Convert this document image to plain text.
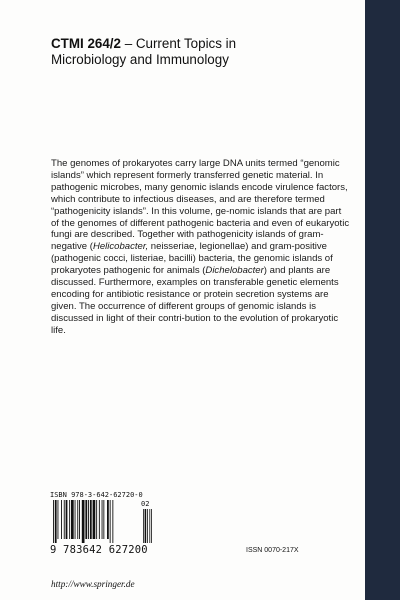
CTMI 264/2 – Current Topics in
Microbiology and Immunology

The genomes of prokaryotes carry large DNA units termed “genomic islands” which represent formerly transferred genetic material. In pathogenic microbes, many genomic islands encode virulence factors, which contribute to infectious diseases, and are therefore termed “pathogenicity islands”. In this volume, ge-nomic islands that are part of the genomes of different pathogenic bacteria and even of eukaryotic fungi are described. Together with pathogenicity islands of gram-negative (Helicobacter, neisseriae, legionellae) and gram-positive (pathogenic cocci, listeriae, bacilli) bacteria, the genomic islands of prokaryotes pathogenic for animals (Dichelobacter) and plants are discussed. Furthermore, examples on transferable genetic elements encoding for antibiotic resistance or protein secretion systems are given. The occurrence of different groups of genomic islands is discussed in light of their contri-bution to the evolution of prokaryotic life.

ISBN 978-3-642-62720-0
02
9 783642 627200	ISSN 0070-217X
http://www.springer.de
